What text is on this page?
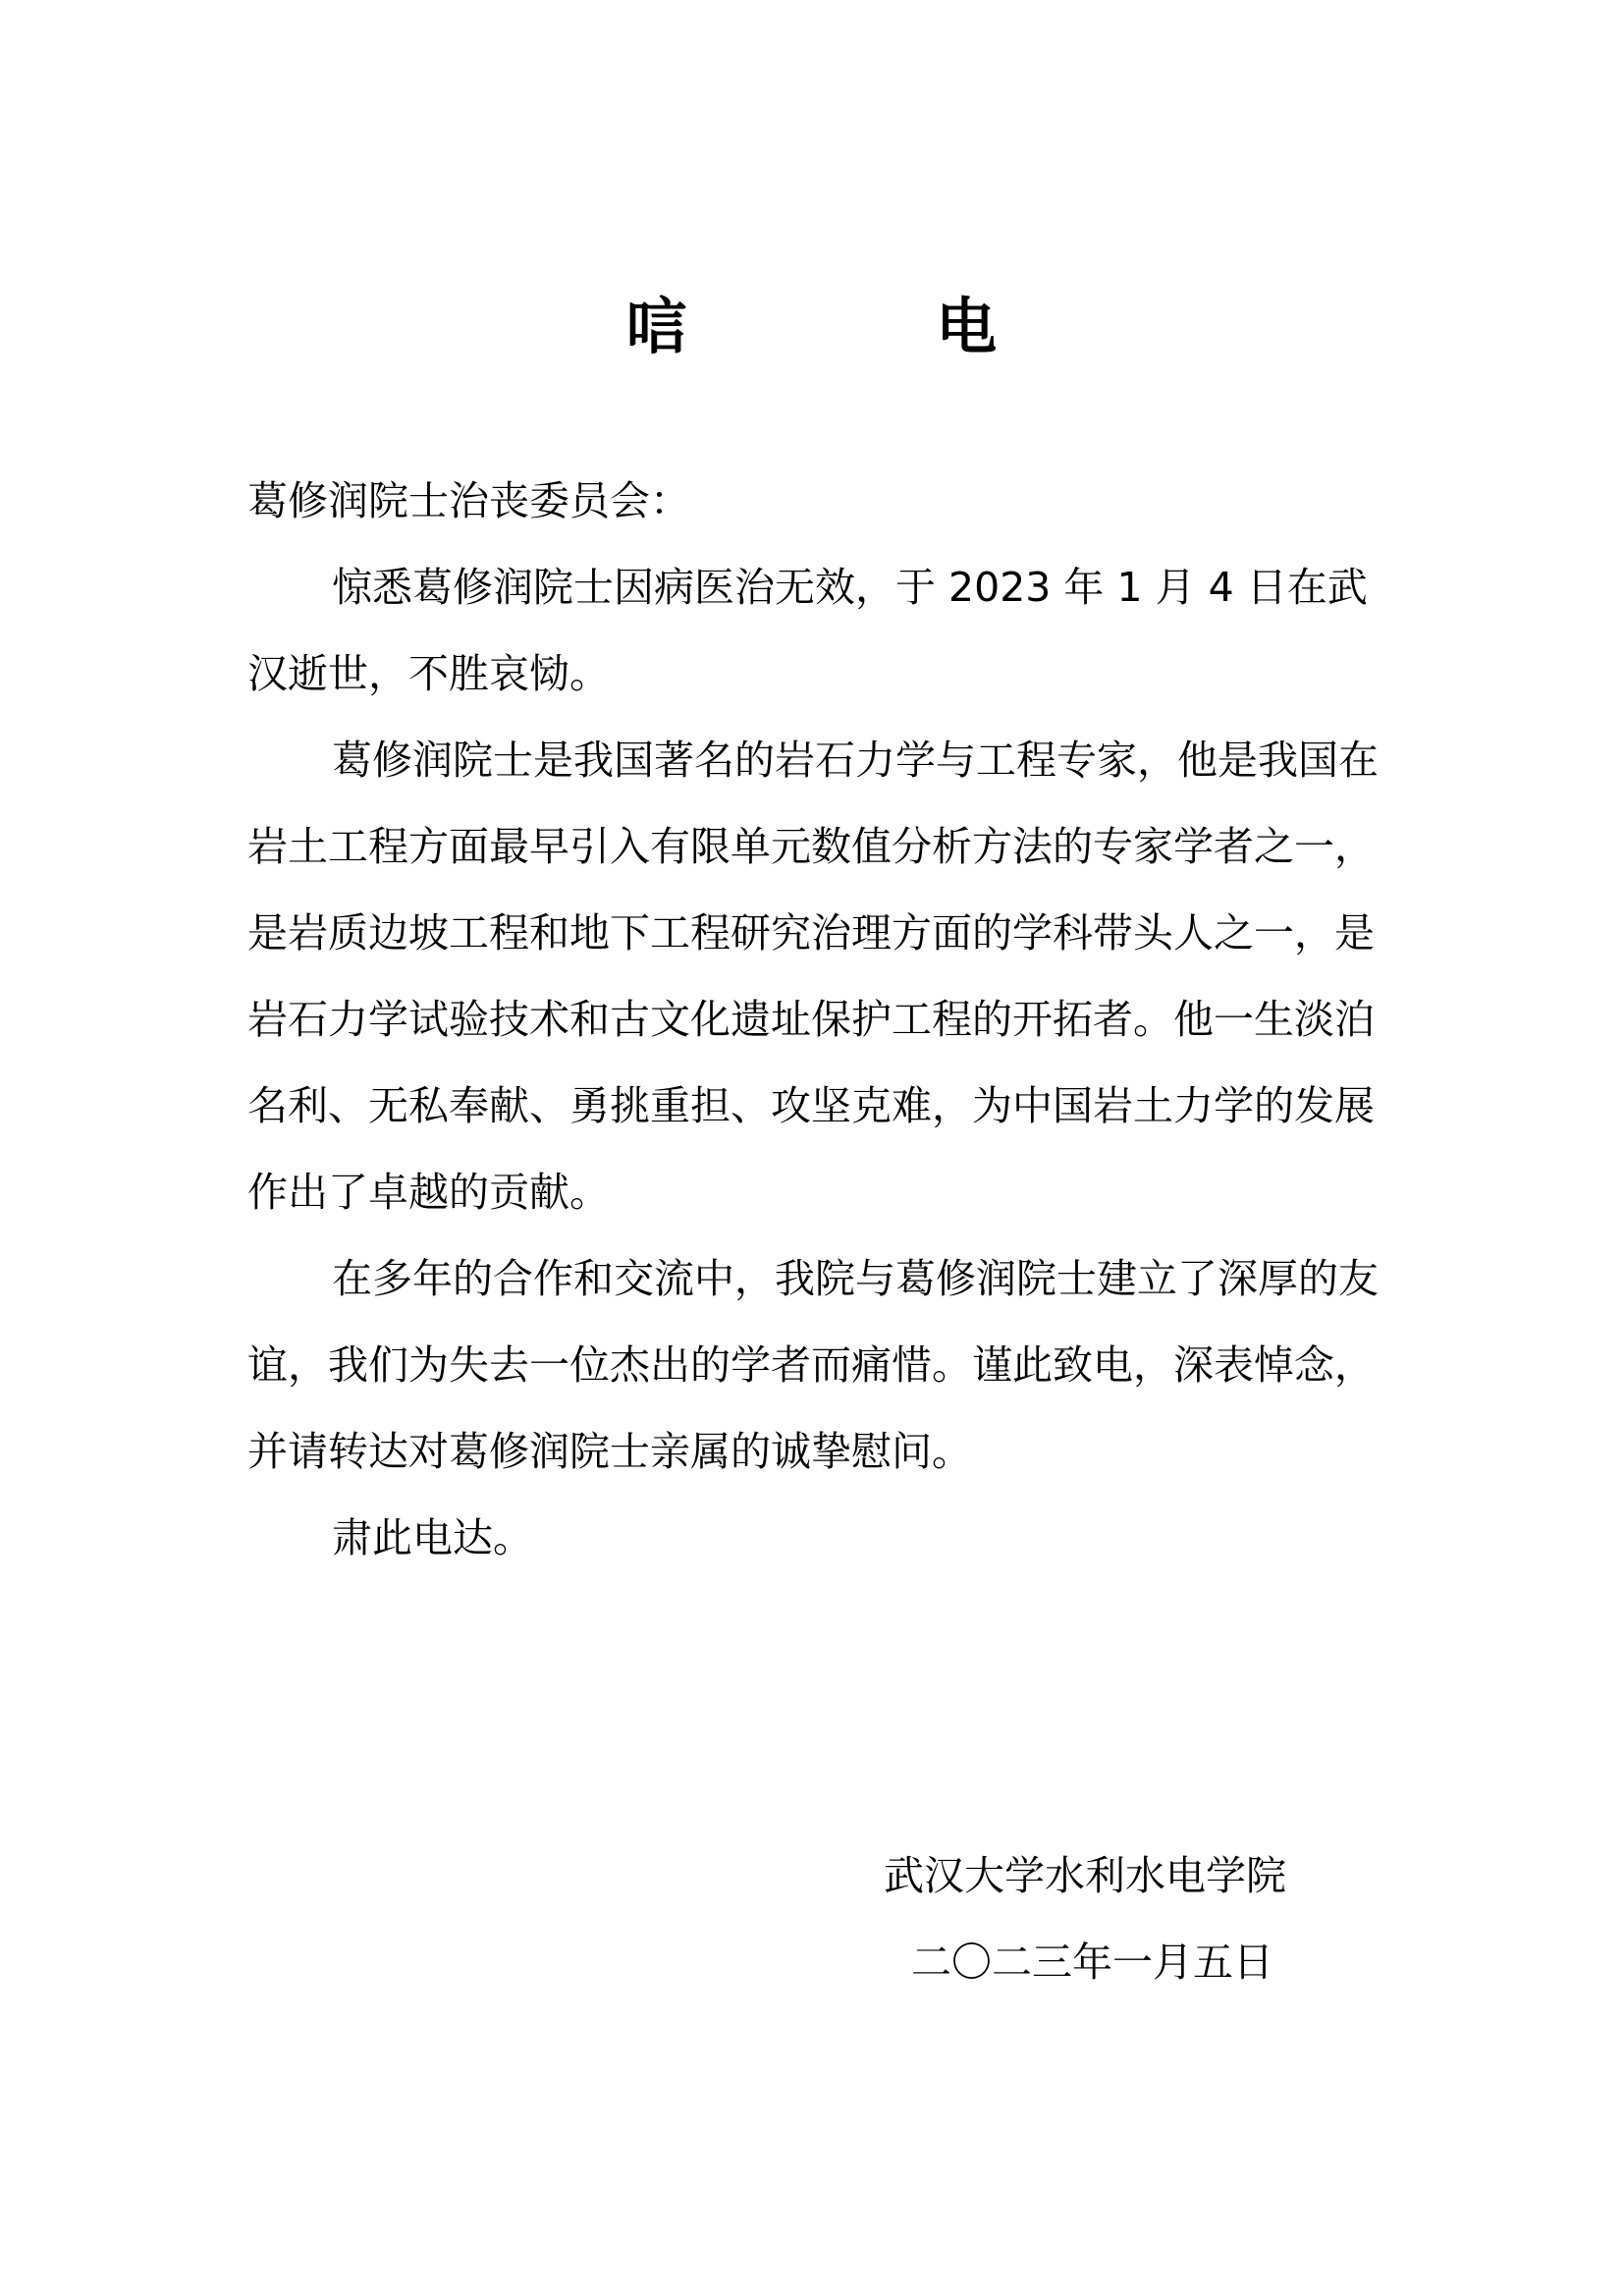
唁 电
葛修润院士治丧委员会：
惊悉葛修润院士因病医治无效，于 2023 年 1 月 4 日在武汉逝世，不胜哀恸。
葛修润院士是我国著名的岩石力学与工程专家，他是我国在岩土工程方面最早引入有限单元数值分析方法的专家学者之一，是岩质边坡工程和地下工程研究治理方面的学科带头人之一，是岩石力学试验技术和古文化遗址保护工程的开拓者。他一生淡泊名利、无私奉献、勇挑重担、攻坚克难，为中国岩土力学的发展作出了卓越的贡献。
在多年的合作和交流中，我院与葛修润院士建立了深厚的友谊，我们为失去一位杰出的学者而痛惜。谨此致电，深表悼念，并请转达对葛修润院士亲属的诚挚慰问。
肃此电达。
武汉大学水利水电学院
二〇二三年一月五日
